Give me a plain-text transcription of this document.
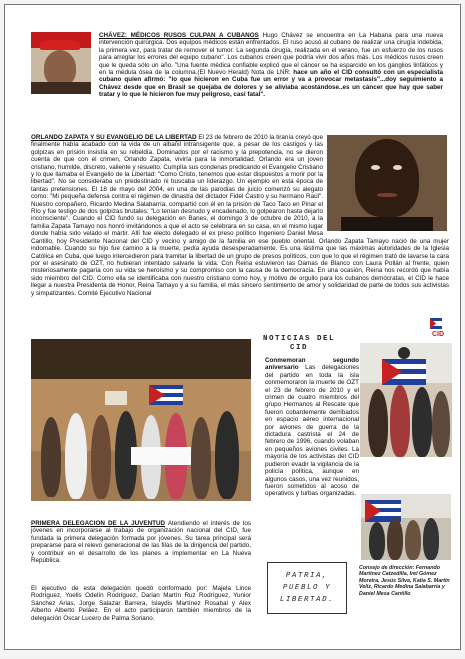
CHÁVEZ: MÉDICOS RUSOS CULPAN A CUBANOS Hugo Chávez se encuentra en La Habana para una nueva intervención quirúrgica. Dos equipos médicos están enfrentados. El ruso acusó al cubano de realizar una cirugía indebida, la primera vez, para tratar de remover el tumor. La segunda cirugía, realizada en el verano, fue un esfuerzo de los rusos para arreglar los errores del equipo cubano". Los cubanos creen que podría vivir dos años más. Los médicos rusos creen que le queda sólo un año. "Una fuente médica confiable explicó que el cáncer se ha esparcido en los ganglios linfáticos y en la médula ósea de la columna.(El Nuevo Herald) Nota de LNR: hace un año el CID consultó con un especialista cubano quien afirmó: "lo que hicieron en Cuba fue un error y va a provocar metastasis"...doy seguimiento a Chávez desde que en Brasil se quejaba de dolores y se aliviaba acostándose..es un cáncer que hay que saber tratar y lo que le hicieron fue muy peligroso, casi fatal".

ORLANDO ZAPATA Y SU EVANGELIO DE LA LIBERTAD El 23 de febrero de 2010 la tiranía creyó que finalmente había acabado con la vida de un albañil intransigente que, a pesar de los castigos y las golpizas en prisión insistía en su rebeldía. Dominados por el racismo y la prepotencia, no se dieron cuenta de que con el crimen, Orlando Zapata, viviría para la inmortalidad. Orlando era un joven cristiano, humilde, discreto, valiente y resuelto. Cumplía sus condenas predicando el Evangelio Cristiano y lo que llamaba el Evangelio de la Libertad: "Como Cristo, tenemos que estar dispuestos a morir por la libertad". No se consideraba un predestinado ni buscaba un liderazgo. Un ejemplo en esta época de tantas pretensiones. El 18 de mayo del 2004, en una de las parodias de juicio comenzó su alegato como: "Mi pequeña defensa contra el régimen de dinastía del dictador Fidel Castro y su hermano Raúl". Nuestro compañero, Ricardo Medina Salabarría, compartió con él en la prisión de Taco Taco en Pinar el Río y fue testigo de dos golpizas brutales: "Lo tenían desnudo y encadenado, lo golpearon hasta dejarlo inconsciente". Cuando el CID fundó su delegación en Banes, el domingo 3 de octubre de 2010, a la familia Zapata Tamayo nos honró invitándonos a que el acto se celebrara en su casa, en el mismo lugar donde había sido velado el mártir. Allí fue electo delegado el ex preso político Ingeniero Daniel Mesa Cantillo, hoy Presidente Nacional del CID y vecino y amigo de la familia en ese pueblo oriental. Orlando Zapata Tamayo nació de una mujer indomable. Cuando su hijo fue camino a la muerte, pedía ayuda desesperadamente. Es una lástima que las máximas autoridades de la Iglesia Católica en Cuba, que luego intercedieron para tramitar la libertad de un grupo de presos políticos, con que lo que el régimen trató de lavarse la cara por el asesinato de OZT, no hubieran intentado salvarle la vida. Con Reina estuvieron las Damas de Blanco con Laura Pollán al frente, quien misteriosamente pagaría con su vida se heroísmo y su compromiso con la causa de la democracia. En una ocasión, Reina nos recordó que había sido miembro del CID. Como ella se identificaba con nuestro cristiano como hoy, y motivo de orgullo para los cubanos demócratas, el CID le hace llegar a nuestra Presidenta de Honor, Reina Tamayo y a su familia, el más sincero sentimiento de amor y solidaridad de parte de todos sus activistas y simpatizantes. Comité Ejecutivo Nacional

CID

PRIMERA DELEGACION DE LA JUVENTUD Atendiendo el interés de los jóvenes en incorporarse al trabajo de organización nacional del CID, fue fundada la primera delegación formada por jóvenes. Su tarea principal será prepararse para el relevo generacional de las filas de la dirigencia del partido, y contribuir en el desarrollo de los planes a implementar en La Nueva República.

El ejecutivo de esta delegación quedó conformado por: Majela Lince Rodríguez, Yoelis Odelín Rodríguez, Darian Martín Ruz Rodríguez, Yunior Sánchez Arias, Jorge Salazar Barrera, Islaydis Martínez Rosabal y Alex Alberto Alberto Peláez. En el acto participaron también miembros de la delegación Oscar Lucero de Palma Soriano.

NOTICIAS DEL
CID

Conmemoran segundo aniversario Las delegaciones del partido en toda la isla conmemoraron la muerte de OZT el 23 de febrero de 2010 y el crimen de cuatro miembros del grupo Hermanos al Rescate que fueron cobardemente derribados en espacio aéreo internacional por aviones de guerra de la dictadura castrista el 24 de febrero de 1996, cuando volaban en pequeños aviones civiles. La mayoría de los activistas del CID pudieron evadir la vigilancia de la policía política, aunque en algunos casos, una vez reunidos, fueron sometidos al acoso de operativos y turbas organizadas.

Consejo de dirección: Fernando Martínez Catzedilla, Irel Gómez Moreira, Jesús Silva, Katia S. Martín Veliz, Ricardo Medina Salabarría y Daniel Mesa Cantillo

PATRIA,
PUEBLO Y
LIBERTAD.
